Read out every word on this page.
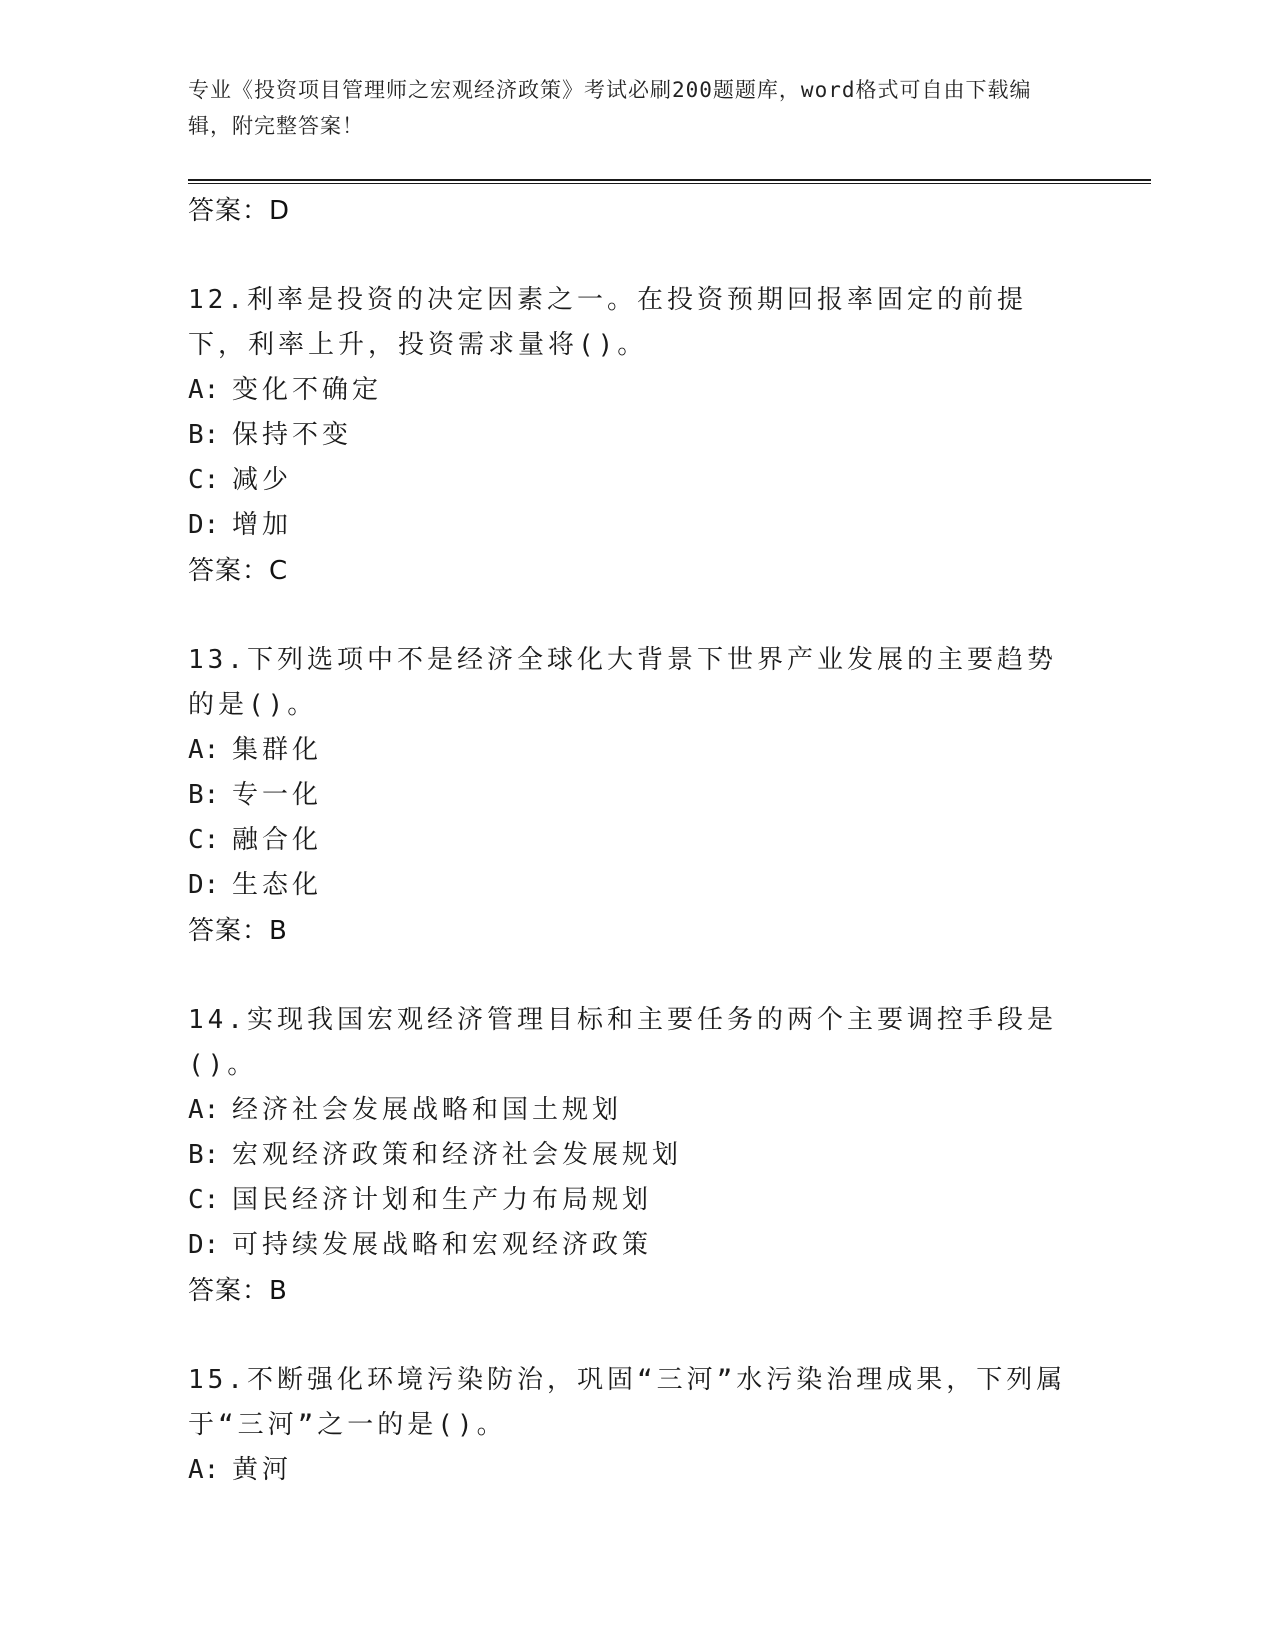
专业《投资项目管理师之宏观经济政策》考试必刷200题题库，word格式可自由下载编辑，附完整答案！
答案：D
12.利率是投资的决定因素之一。在投资预期回报率固定的前提下，利率上升，投资需求量将()。
A: 变化不确定
B: 保持不变
C: 减少
D: 增加
答案：C
13.下列选项中不是经济全球化大背景下世界产业发展的主要趋势的是()。
A: 集群化
B: 专一化
C: 融合化
D: 生态化
答案：B
14.实现我国宏观经济管理目标和主要任务的两个主要调控手段是()。
A: 经济社会发展战略和国土规划
B: 宏观经济政策和经济社会发展规划
C: 国民经济计划和生产力布局规划
D: 可持续发展战略和宏观经济政策
答案：B
15.不断强化环境污染防治，巩固“三河”水污染治理成果，下列属于“三河”之一的是()。
A: 黄河
